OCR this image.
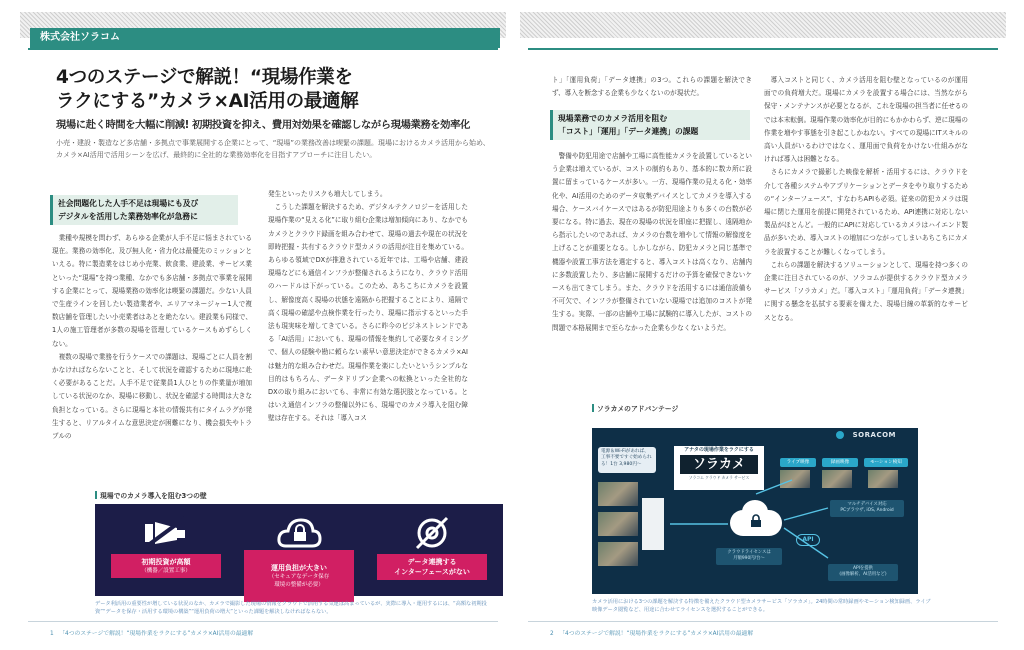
株式会社ソラコム
4つのステージで解説！“現場作業を
ラクにする”カメラ×AI活用の最適解
現場に赴く時間を大幅に削減! 初期投資を抑え、費用対効果を確認しながら現場業務を効率化
小売・建設・製造など多店舗・多拠点で事業展開する企業にとって、“現場”の業務改善は喫緊の課題。現場におけるカメラ活用から始め、カメラ×AI活用で活用シーンを広げ、最終的に全社的な業務効率化を目指すアプローチに注目したい。
社会問題化した人手不足は現場にも及び
デジタルを活用した業務効率化が急務に

業種や規模を問わず、あらゆる企業が人手不足に悩まされている現在。業務の効率化、及び無人化・省力化は最優先のミッションといえる。特に製造業をはじめ小売業、飲食業、建設業、サービス業といった“現場”を持つ業種、なかでも多店舗・多拠点で事業を展開する企業にとって、現場業務の効率化は喫緊の課題だ。少ない人員で生産ラインを回したい製造業者や、エリアマネージャー1人で複数店舗を管理したい小売業者はあとを絶たない。建設業も同様で、1人の施工管理者が多数の現場を管理しているケースもめずらしくない。

複数の現場で業務を行うケースでの課題は、現場ごとに人員を割かなければならないことと、そして状況を確認するために現地に赴く必要があることだ。人手不足で従業員1人ひとりの作業量が増加している状況のなか、現場に移動し、状況を確認する時間は大きな負担となっている。さらに現場と本社の情報共有にタイムラグが発生すると、リアルタイムな意思決定が困難になり、機会損失やトラブルの

発生といったリスクも増大してしまう。

こうした課題を解決するため、デジタルテクノロジーを活用した現場作業の“見える化”に取り組む企業は増加傾向にあり、なかでもカメラとクラウド録画を組み合わせて、現場の過去や現在の状況を即時把握・共有するクラウド型カメラの活用が注目を集めている。あらゆる領域でDXが推進されている近年では、工場や店舗、建設現場などにも通信インフラが整備されるようになり、クラウド活用のハードルは下がっている。このため、あちこちにカメラを設置し、解像度高く現場の状態を遠隔から把握することにより、遠隔で高く現場の確認や点検作業を行ったり、現場に指示するといった手法も現実味を増してきている。さらに昨今のビジネストレンドである「AI活用」においても、現場の情報を集約して必要なタイミングで、個人の経験や勘に頼らない素早い意思決定ができるカメラ×AIは魅力的な組み合わせだ。現場作業を楽にしたいというシンプルな目的はもちろん、データドリブン企業への転換といった全社的なDXの取り組みにおいても、非常に有効な選択肢となっている。とはいえ通信インフラの整備以外にも、現場でのカメラ導入を阻む障壁は存在する。それは「導入コス

現場でのカメラ導入を阻む3つの壁
初期投資が高額
（機器／設置工事）	運用負担が大きい

（セキュアなデータ保存
環境の整備が必要）

データ連携する
インターフェースがない
データ利活用の重要性が増している状況のなか、カメラで撮影した現場の情報をクラウドで活用する気運は高まっているが、実際に導入・運用するには、“高額な初期投資”“データを保存・活用する環境の構築”“運用負荷の増大”といった課題を解決しなければならない。
1 「4つのステージで解説！“現場作業をラクにする”カメラ×AI活用の最適解

ト」「運用負荷」「データ連携」の3つ。これらの課題を解決できず、導入を断念する企業も少なくないのが現状だ。

現場業務でのカメラ活用を阻む
「コスト」「運用」「データ連携」の課題

警備や防犯用途で店舗や工場に高性能カメラを設置しているという企業は増えているが、コストの制約もあり、基本的に数カ所に設置に留まっているケースが多い。一方、現場作業の見える化・効率化や、AI活用のためのデータ収集デバイスとしてカメラを導入する場合、ケースバイケースではあるが防犯用途よりも多くの台数が必要になる。特に過去、現在の現場の状況を即座に把握し、遠隔地から指示したいのであれば、カメラの台数を増やして情報の解像度を上げることが重要となる。しかしながら、防犯カメラと同じ基準で機器や設置工事方法を選定すると、導入コストは高くなり、店舗内に多数設置したり、多店舗に展開するだけの予算を確保できないケースも出てきてしまう。また、クラウドを活用するには通信設備も不可欠で、インフラが整備されていない現場では追加のコストが発生する。実際、一部の店舗や工場に試験的に導入したが、コストの問題で本格展開まで至らなかった企業も少なくないようだ。

導入コストと同じく、カメラ活用を阻む壁となっているのが運用面での負荷増大だ。現場にカメラを設置する場合には、当然ながら保守・メンテナンスが必要となるが、これを現場の担当者に任せるのでは本末転倒。現場作業の効率化が目的にもかかわらず、逆に現場の作業を増やす事態を引き起こしかねない。すべての現場にITスキルの高い人員がいるわけではなく、運用面で負荷をかけない仕組みがなければ導入は困難となる。

さらにカメラで撮影した映像を解析・活用するには、クラウドを介して各種システムやアプリケーションとデータをやり取りするための“インターフェース”、すなわちAPIも必須。従来の防犯カメラは現場に閉じた運用を前提に開発されているため、API連携に対応しない製品がほとんど。一般的にAPIに対応しているカメラはハイエンド製品が多いため、導入コストの増加につながってしまいあちこちにカメラを設置することが難しくなってしまう。

これらの課題を解決するソリューションとして、現場を持つ多くの企業に注目されているのが、ソラコムが提供するクラウド型カメラサービス「ソラカメ」だ。「導入コスト」「運用負荷」「データ連携」に関する懸念を払拭する要素を備えた、現場目線の革新的なサービスとなる。

ソラカメのアドバンテージ
SORACOM
電源＆Wi-Fiがあれば、工事不要ですぐ始められる！1台 3,980円〜
アナタの現場作業をラクにする
ソラカメ
ソラコム クラウド カメラ サービス
ライブ映像	録画映像	モーション検知
API
マルチデバイス対応
PCブラウザ, iOS, Android
クラウドライセンスは
月額990円/台〜
APIを提供
(画像解析、AI活用など)
カメラ活用における3つの課題を解決する特徴を備えたクラウド型カメラサービス「ソラカメ」。24時間の常時録画やモーション検知録画、ライブ映像データ閲覧など、用途に合わせてライセンスを選択することができる。
2 「4つのステージで解説！“現場作業をラクにする”カメラ×AI活用の最適解
